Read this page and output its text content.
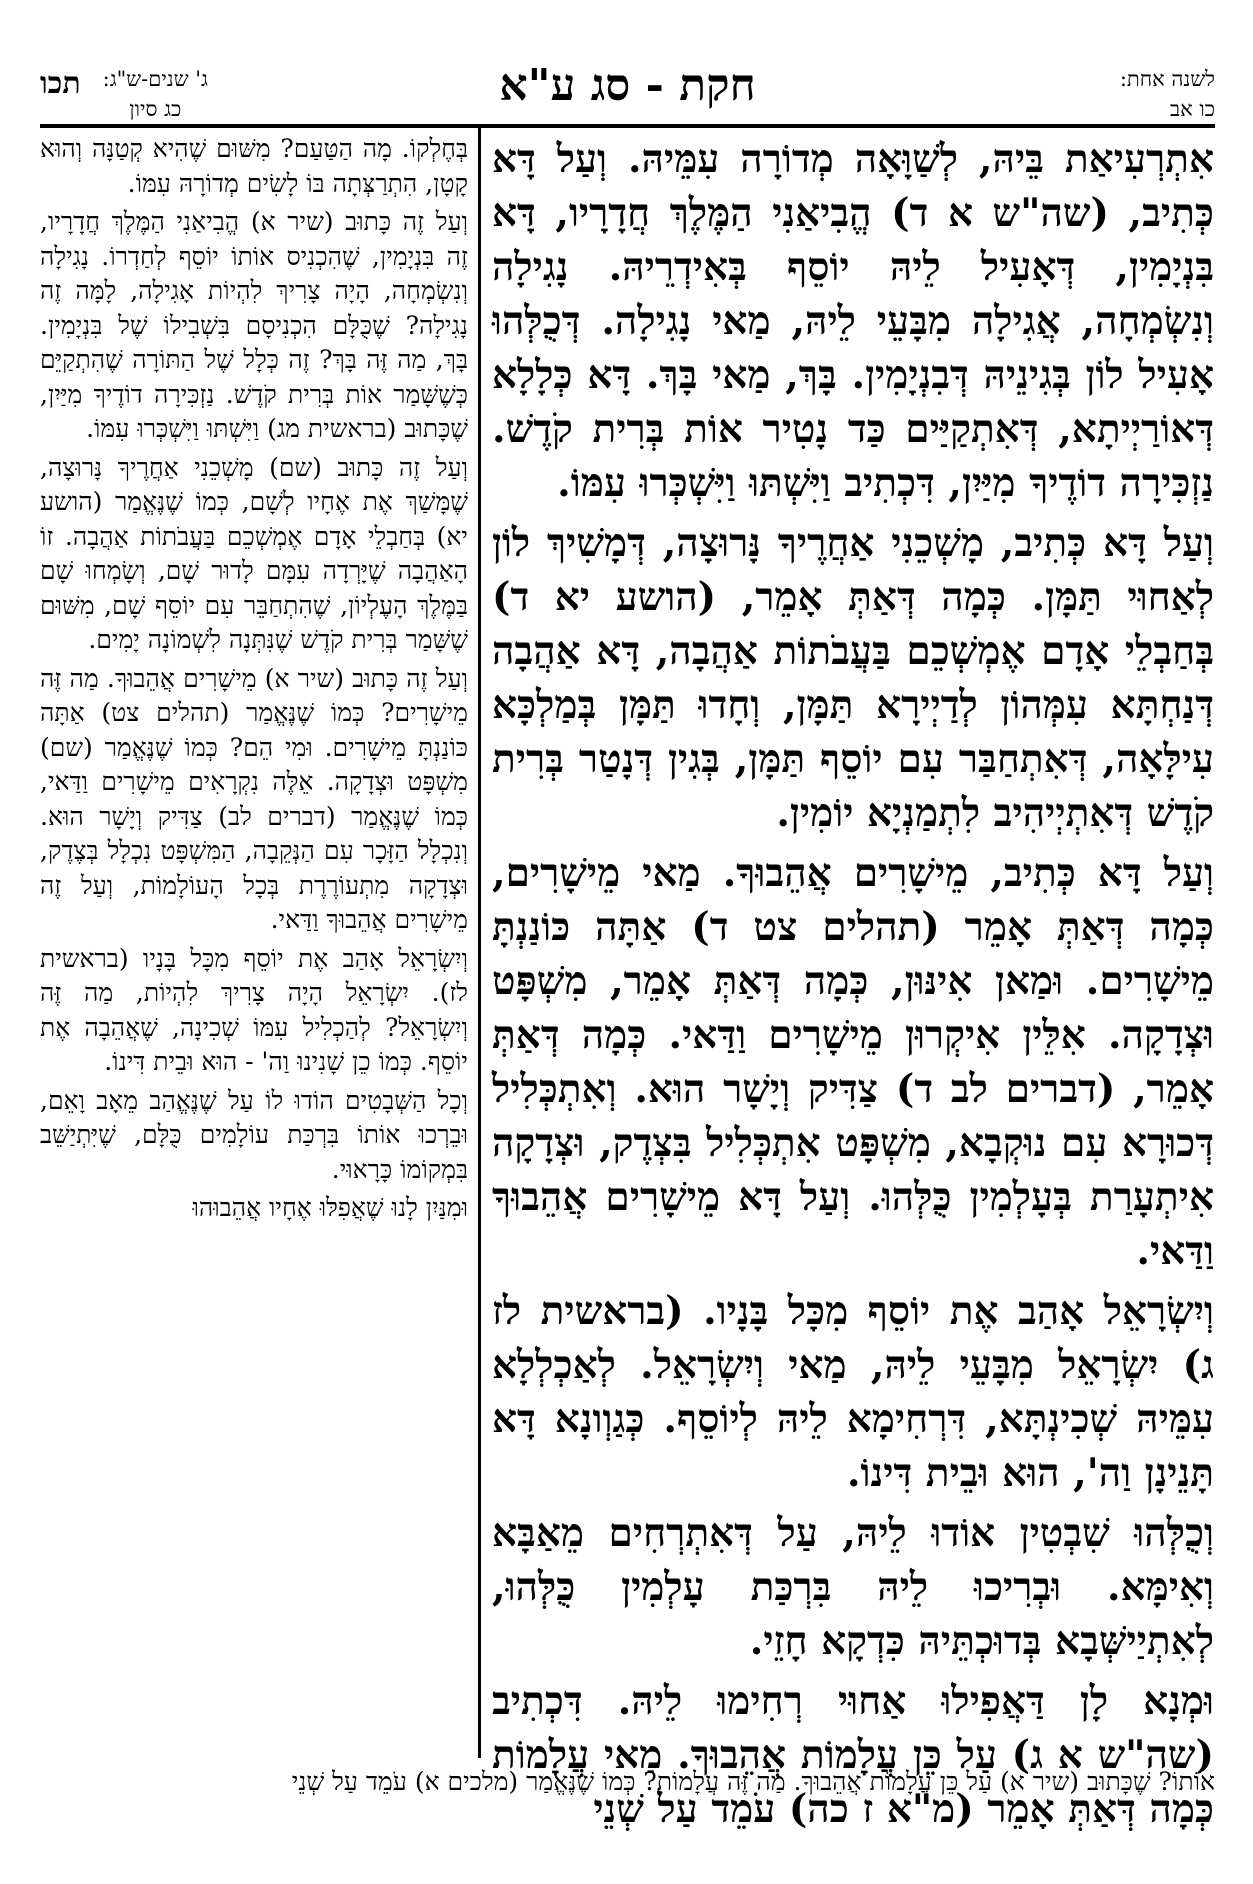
לשנה אחת:
כו אב
חקת - סג ע"א
ג' שנים-ש"ג:
כג סיון
תכו

אִתְרְעִיאַת בֵּיהּ, לְשַׁוָּאָה מְדוֹרָה עִמֵּיהּ. וְעַל דָּא כְּתִיב, (שה"ש א ד) הֱבִיאַנִי הַמֶּלֶךְ חֲדָרָיו, דָּא בִּנְיָמִין, דְּאָעִיל לֵיהּ יוֹסֵף בְּאִידְרֵיהּ. נָגִילָה וְנִשְׂמְחָה, אֲגִילָה מִבָּעֵי לֵיהּ, מַאי נָגִילָה. דְּכֻלְּהוּ אָעִיל לוֹן בְּגִינֵיהּ דְּבִנְיָמִין. בָּךְ, מַאי בָּךְ. דָּא כְּלָלָא דְּאוֹרַיְיתָא, דְּאִתְקַיַּים כַּד נָטִיר אוֹת בְּרִית קֹדֶשׁ. נַזְכִּירָה דוֹדֶיךָ מִיַּיִן, דִּכְתִיב וַיִּשְׁתּוּ וַיִּשְׁכְּרוּ עִמּוֹ.

וְעַל דָּא כְּתִיב, מָשְׁכֵנִי אַחֲרֶיךָ נָּרוּצָה, דְּמָשִׁיךְ לוֹן לְאַחוּי תַּמָּן. כְּמָה דְּאַתְּ אָמֵר, (הושע יא ד) בְּחַבְלֵי אָדָם אֶמְשְׁכֵם בַּעֲבֹתוֹת אַהֲבָה, דָּא אַהֲבָה דְּנַחְתָּא עִמְּהוֹן לְדַיְירָא תַּמָּן, וְחָדוּ תַּמָּן בְּמַלְכָּא עִילָּאָה, דְּאִתְחַבַּר עִם יוֹסֵף תַּמָּן, בְּגִין דְּנָטַר בְּרִית קֹדֶשׁ דְּאִתְיְיהִיב לִתְמַנְיָא יוֹמִין.

וְעַל דָּא כְּתִיב, מֵישָׁרִים אֲהֵבוּךָ. מַאי מֵישָׁרִים, כְּמָה דְּאַתְּ אָמֵר (תהלים צט ד) אַתָּה כּוֹנַנְתָּ מֵישָׁרִים. וּמַאן אִינּוּן, כְּמָה דְּאַתְּ אָמֵר, מִשְׁפָּט וּצְדָקָה. אִלֵּין אִיקְרוּן מֵישָׁרִים וַדַּאי. כְּמָה דְּאַתְּ אָמֵר, (דברים לב ד) צַדִּיק וְיָשָׁר הוּא. וְאִתְכְּלִיל דְּכוּרָא עִם נוּקְבָא, מִשְׁפָּט אִתְכְּלִיל בִּצְדֶק, וּצְדָקָה אִיתְעָרַת בְּעָלְמִין כֻּלְּהוּ. וְעַל דָּא מֵישָׁרִים אֲהֵבוּךָ וַדַּאי.

וְיִשְׂרָאֵל אָהַב אֶת יוֹסֵף מִכָּל בָּנָיו. (בראשית לז ג) יִשְׂרָאֵל מִבָּעֵי לֵיהּ, מַאי וְיִשְׂרָאֵל. לְאַכְלְלָא עִמֵּיהּ שְׁכִינְתָּא, דִּרְחִימָא לֵיהּ לְיוֹסֵף. כְּגַוְונָא דָּא תָּנֵינָן וַה', הוּא וּבֵית דִּינוֹ.

וְכֻלְּהוּ שִׁבְטִין אוֹדוּ לֵיהּ, עַל דְּאִתְרְחִים מֵאַבָּא וְאִימָּא. וּבְרִיכוּ לֵיהּ בִּרְכַּת עָלְמִין כֻּלְּהוּ, לְאִתְיַישְּׁבָא בְּדוּכְתֵּיהּ כִּדְקָא חָזֵי.

וּמְנָא לָן דַּאֲפִילוּ אַחוּי רְחִימוּ לֵיהּ. דִּכְתִיב (שה"ש א ג) עַל כֵּן עֲלָמוֹת אֲהֵבוּךָ. מַאי עֲלָמוֹת כְּמָה דְּאַתְּ אָמֵר (מ"א ז כה) עֹמֵד עַל שְׁנֵי

בְּחֶלְקוֹ. מָה הַטַּעַם? מִשּׁוּם שֶׁהִיא קְטַנָּה וְהוּא קָטָן, הִתְרַצְּתָה בּוֹ לָשִׂים מְדוֹרָהּ עִמּוֹ.

וְעַל זֶה כָּתוּב (שיר א) הֱבִיאַנִי הַמֶּלֶךְ חֲדָרָיו, זֶה בִּנְיָמִין, שֶׁהִכְנִיס אוֹתוֹ יוֹסֵף לְחַדְרוֹ. נָגִילָה וְנִשְׂמְחָה, הָיָה צָרִיךְ לִהְיוֹת אָגִילָה, לָמָּה זֶה נָגִילָה? שֶׁכֻּלָּם הִכְנִיסָם בִּשְׁבִילוֹ שֶׁל בִּנְיָמִין. בָּךְ, מַה זֶּה בָּךְ? זֶה כְּלָל שֶׁל הַתּוֹרָה שֶׁהִתְקַיֵּם כְּשֶׁשָּׁמַר אוֹת בְּרִית קֹדֶשׁ. נַזְכִּירָה דוֹדֶיךָ מִיַּיִן, שֶׁכָּתוּב (בראשית מג) וַיִּשְׁתּוּ וַיִּשְׁכְּרוּ עִמּוֹ.

וְעַל זֶה כָּתוּב (שם) מָשְׁכֵנִי אַחֲרֶיךָ נָּרוּצָה, שֶׁמָּשַׁךְ אֶת אֶחָיו לְשָׁם, כְּמוֹ שֶׁנֶּאֱמַר (הושע יא) בְּחַבְלֵי אָדָם אֶמְשְׁכֵם בַּעֲבֹתוֹת אַהֲבָה. זוֹ הָאַהֲבָה שֶׁיָּרְדָה עִמָּם לָדוּר שָׁם, וְשָׂמְחוּ שָׁם בַּמֶּלֶךְ הָעֶלְיוֹן, שֶׁהִתְחַבֵּר עִם יוֹסֵף שָׁם, מִשּׁוּם שֶׁשָּׁמַר בְּרִית קֹדֶשׁ שֶׁנִּתְּנָה לִשְׁמוֹנָה יָמִים.

וְעַל זֶה כָּתוּב (שיר א) מֵישָׁרִים אֲהֵבוּךָ. מַה זֶּה מֵישָׁרִים? כְּמוֹ שֶׁנֶּאֱמַר (תהלים צט) אַתָּה כּוֹנַנְתָּ מֵישָׁרִים. וּמִי הֵם? כְּמוֹ שֶׁנֶּאֱמַר (שם) מִשְׁפָּט וּצְדָקָה. אֵלֶּה נִקְרָאִים מֵישָׁרִים וַדַּאי, כְּמוֹ שֶׁנֶּאֱמַר (דברים לב) צַדִּיק וְיָשָׁר הוּא. וְנִכְלָל הַזָּכָר עִם הַנְּקֵבָה, הַמִּשְׁפָּט נִכְלָל בְּצֶדֶק, וּצְדָקָה מִתְעוֹרֶרֶת בְּכָל הָעוֹלָמוֹת, וְעַל זֶה מֵישָׁרִים אֲהֵבוּךָ וַדַּאי.

וְיִשְׂרָאֵל אָהַב אֶת יוֹסֵף מִכָּל בָּנָיו (בראשית לז). יִשְׂרָאֵל הָיָה צָרִיךְ לִהְיוֹת, מַה זֶּה וְיִשְׂרָאֵל? לְהַכְלִיל עִמּוֹ שְׁכִינָה, שֶׁאֲהֵבָה אֶת יוֹסֵף. כְּמוֹ כֵן שָׁנִינוּ וַה' - הוּא וּבֵית דִּינוֹ.

וְכָל הַשְּׁבָטִים הוֹדוּ לוֹ עַל שֶׁנֶּאֱהַב מֵאָב וָאֵם, וּבֵרְכוּ אוֹתוֹ בִּרְכַּת עוֹלָמִים כֻּלָּם, שֶׁיִּתְיַשֵּׁב בִּמְקוֹמוֹ כָּרָאוּי.

וּמִנַּיִן לָנוּ שֶׁאֲפִלּוּ אֶחָיו אֲהֵבוּהוּ

אוֹתוֹ? שֶׁכָּתוּב (שיר א) עַל כֵּן עֲלָמוֹת אֲהֵבוּךָ. מַה זֶּה עֲלָמוֹת? כְּמוֹ שֶׁנֶּאֱמַר (מלכים א) עֹמֵד עַל שְׁנֵי
